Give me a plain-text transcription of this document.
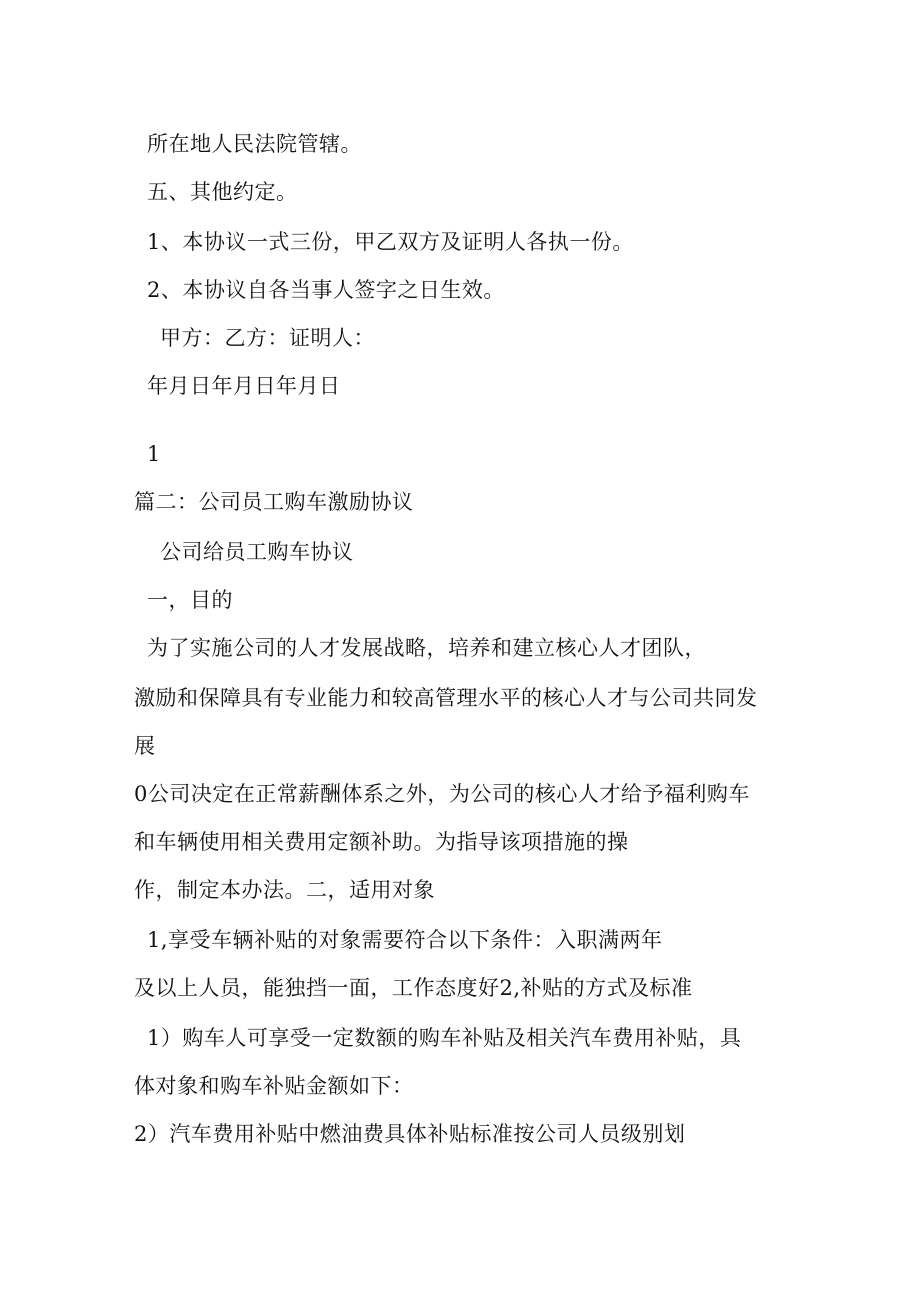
所在地人民法院管辖。
五、其他约定。
1、本协议一式三份，甲乙双方及证明人各执一份。
2、本协议自各当事人签字之日生效。
甲方：乙方：证明人：
年月日年月日年月日
1
篇二：公司员工购车激励协议
公司给员工购车协议
一，目的
为了实施公司的人才发展战略，培养和建立核心人才团队，
激励和保障具有专业能力和较高管理水平的核心人才与公司共同发
展
0公司决定在正常薪酬体系之外，为公司的核心人才给予福利购车
和车辆使用相关费用定额补助。为指导该项措施的操
作，制定本办法。二，适用对象
1,享受车辆补贴的对象需要符合以下条件：入职满两年
及以上人员，能独挡一面，工作态度好2,补贴的方式及标准
1）购车人可享受一定数额的购车补贴及相关汽车费用补贴，具
体对象和购车补贴金额如下：
2）汽车费用补贴中燃油费具体补贴标准按公司人员级别划
